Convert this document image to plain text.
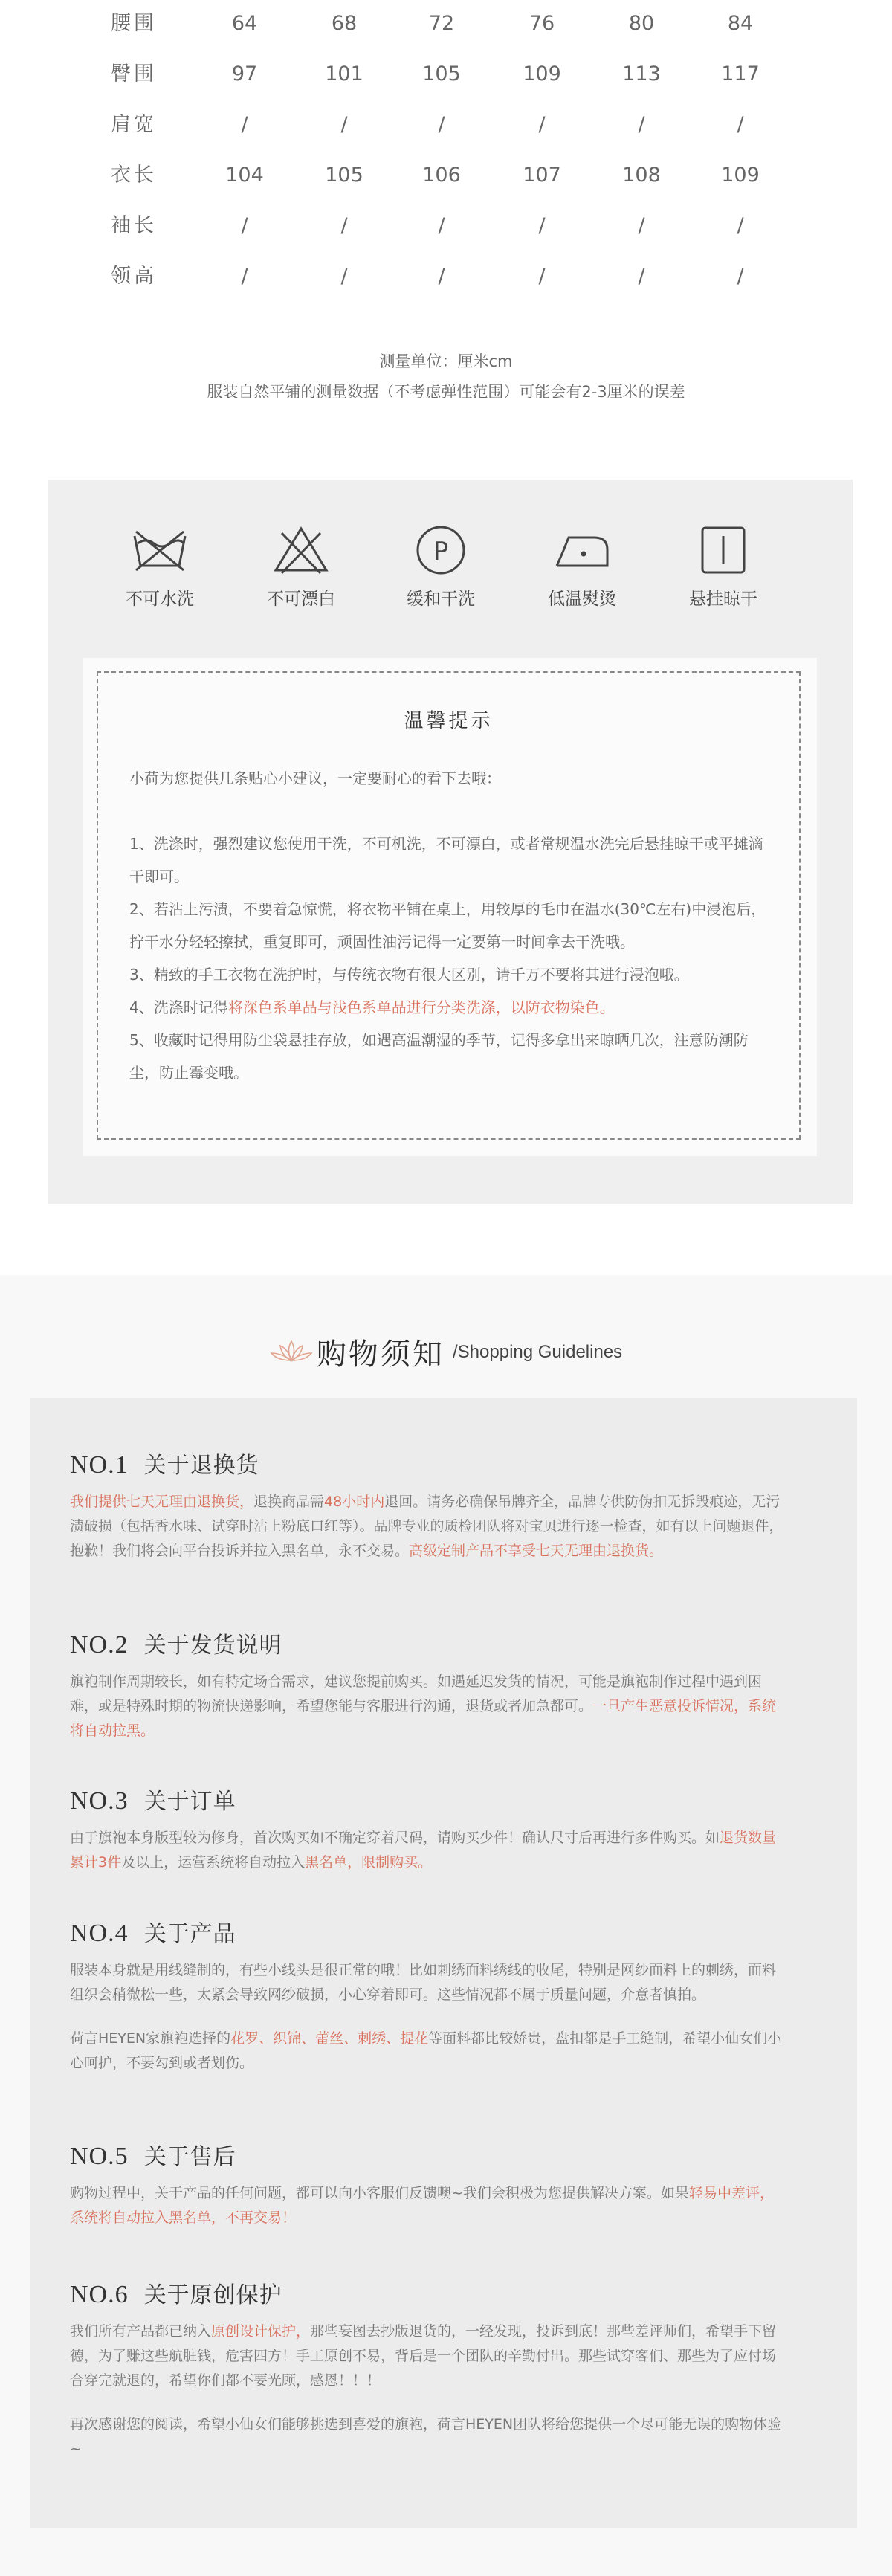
腰围	64	68	72	76	80	84
臀围	97	101	105	109	113	117
肩宽	/	/	/	/	/	/
衣长	104	105	106	107	108	109
袖长	/	/	/	/	/	/
领高	/	/	/	/	/	/
测量单位：厘米cm
服装自然平铺的测量数据（不考虑弹性范围）可能会有2-3厘米的误差
不可水洗	不可漂白
P
缓和干洗	低温熨烫	悬挂晾干
温馨提示
小荷为您提供几条贴心小建议，一定要耐心的看下去哦：
1、洗涤时，强烈建议您使用干洗，不可机洗，不可漂白，或者常规温水洗完后悬挂晾干或平摊滴干即可。
2、若沾上污渍，不要着急惊慌，将衣物平铺在桌上，用较厚的毛巾在温水(30℃左右)中浸泡后，拧干水分轻轻擦拭，重复即可，顽固性油污记得一定要第一时间拿去干洗哦。
3、精致的手工衣物在洗护时，与传统衣物有很大区别，请千万不要将其进行浸泡哦。
4、洗涤时记得将深色系单品与浅色系单品进行分类洗涤，以防衣物染色。
5、收藏时记得用防尘袋悬挂存放，如遇高温潮湿的季节，记得多拿出来晾晒几次，注意防潮防尘，防止霉变哦。
购物须知 /Shopping Guidelines
NO.1 关于退换货

我们提供七天无理由退换货，退换商品需48小时内退回。请务必确保吊牌齐全，品牌专供防伪扣无拆毁痕迹，无污渍破损（包括香水味、试穿时沾上粉底口红等）。品牌专业的质检团队将对宝贝进行逐一检查，如有以上问题退件，抱歉！我们将会向平台投诉并拉入黑名单，永不交易。高级定制产品不享受七天无理由退换货。

NO.2 关于发货说明

旗袍制作周期较长，如有特定场合需求，建议您提前购买。如遇延迟发货的情况，可能是旗袍制作过程中遇到困难，或是特殊时期的物流快递影响，希望您能与客服进行沟通，退货或者加急都可。一旦产生恶意投诉情况，系统将自动拉黑。

NO.3 关于订单

由于旗袍本身版型较为修身，首次购买如不确定穿着尺码，请购买少件！确认尺寸后再进行多件购买。如退货数量累计3件及以上，运营系统将自动拉入黑名单，限制购买。

NO.4 关于产品

服装本身就是用线缝制的，有些小线头是很正常的哦！比如刺绣面料绣线的收尾，特别是网纱面料上的刺绣，面料组织会稍微松一些，太紧会导致网纱破损，小心穿着即可。这些情况都不属于质量问题，介意者慎拍。

荷言HEYEN家旗袍选择的花罗、织锦、蕾丝、刺绣、提花等面料都比较娇贵，盘扣都是手工缝制，希望小仙女们小心呵护，不要勾到或者划伤。

NO.5 关于售后

购物过程中，关于产品的任何问题，都可以向小客服们反馈噢~我们会积极为您提供解决方案。如果轻易中差评，系统将自动拉入黑名单，不再交易！

NO.6 关于原创保护

我们所有产品都已纳入原创设计保护，那些妄图去抄版退货的，一经发现，投诉到底！那些差评师们，希望手下留德，为了赚这些航脏钱，危害四方！手工原创不易，背后是一个团队的辛勤付出。那些试穿客们、那些为了应付场合穿完就退的，希望你们都不要光顾，感恩！！！

再次感谢您的阅读，希望小仙女们能够挑选到喜爱的旗袍，荷言HEYEN团队将给您提供一个尽可能无误的购物体验~
